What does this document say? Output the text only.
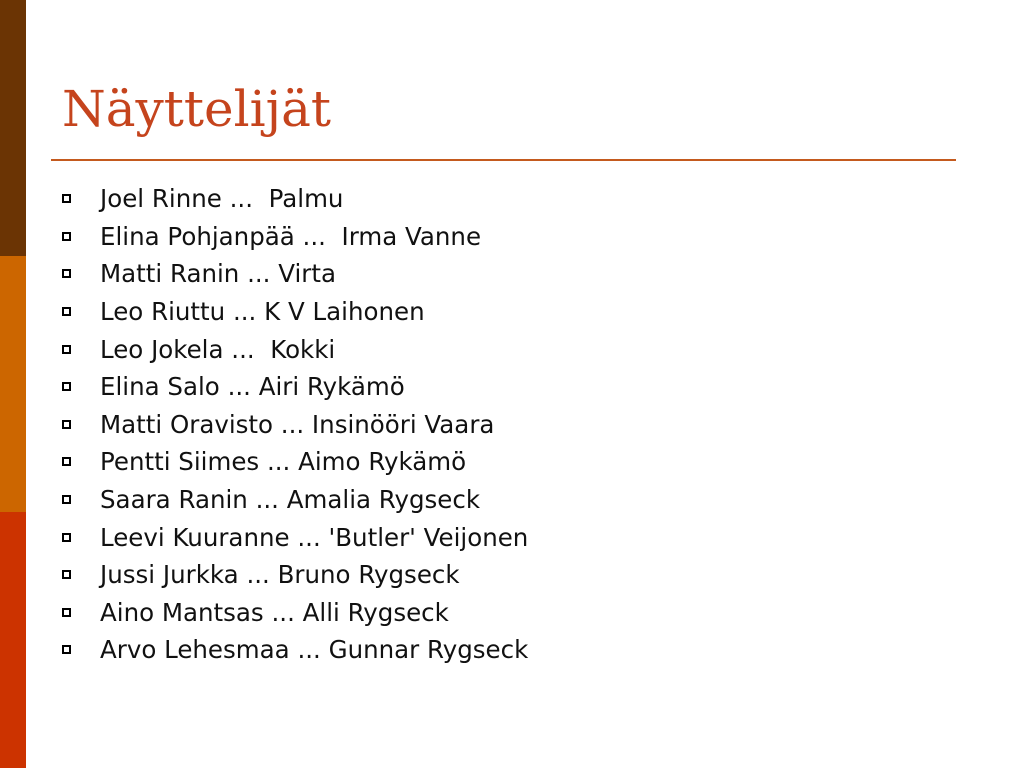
Näyttelijät
Joel Rinne ...  Palmu
Elina Pohjanpää ...  Irma Vanne
Matti Ranin ... Virta
Leo Riuttu ... K V Laihonen
Leo Jokela ...  Kokki
Elina Salo ... Airi Rykämö
Matti Oravisto ... Insinööri Vaara
Pentti Siimes ... Aimo Rykämö
Saara Ranin ... Amalia Rygseck
Leevi Kuuranne ... 'Butler' Veijonen
Jussi Jurkka ... Bruno Rygseck
Aino Mantsas ... Alli Rygseck
Arvo Lehesmaa ... Gunnar Rygseck
